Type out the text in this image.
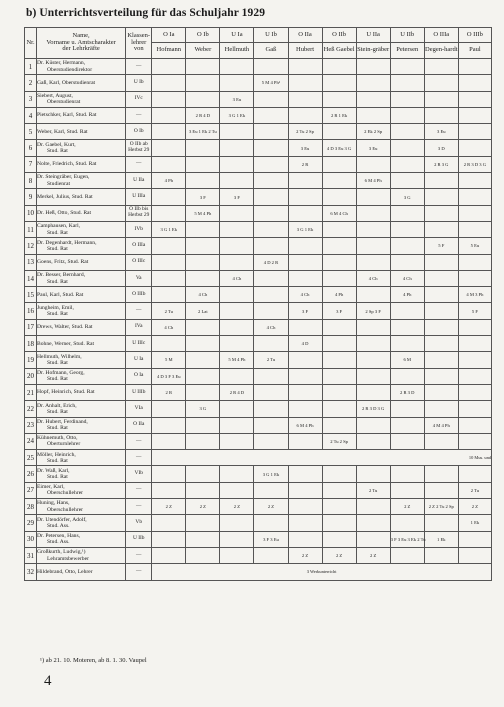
b) Unterrichtsverteilung für das Schuljahr 1929
Nr.	Name,
Vorname u. Amtscharakter
der Lehrkräfte	Klassen-
lehrer
von	O Ia	O Ib	U Ia	U Ib	O IIa	O IIb	U IIa	U IIb	O IIIa	O IIIb
			Hofmann	Weber	Hellmuth	Gaß	Hubert	Heß Gaebel	Stein-gräber	Petersen	Degen-hardt	Paul
1	Dr. Küster, Hermann,
Oberstudiendirektor	—										
2	Gaß, Karl, Oberstudienrat	U Ib				5 M 4 Ph¹						
3	Siebert, August,
Oberstudienrat	IVc			3 Eu							
4	Pietschker, Karl, Stud. Rat	—		2 R 4 D	3 G 1 Ek			2 R 1 Ek				
5	Weber, Karl, Stud. Rat	O Ib		3 Eu 1 Ek 2 Tu			2 Tu 2 Sp		2 Ek 2 Sp		3 Eu	
6	Dr. Gaebel, Kurt,
Stud. Rat	O IIb ab Herbst 29					3 Eu	4 D 3 Eu 3 G	3 Eu		3 D	
7	Nolte, Friedrich, Stud. Rat	—					2 R				2 R 3 G	2 R 3 D 3 G
8	Dr. Steingräber, Eugen,
Studienrat	U IIa	4 Ph						6 M 4 Ph			
9	Merkel, Julius, Stud. Rat	U IIIa		3 F	3 F					3 G		
10	Dr. Heß, Otto, Stud. Rat	O IIb bis Herbst 29		5 M 4 Ph				6 M 4 Ch				
11	Camphausen, Karl,
Stud. Rat	IVb	3 G 1 Ek				3 G 1 Ek					
12	Dr. Degenhardt, Hermann,
Stud. Rat	O IIIa									5 F	5 Eu
13	Goens, Fritz, Stud. Rat	O IIIc				4 D 2 R						
14	Dr. Besser, Bernhard,
Stud. Rat	Va			4 Ch				4 Ch	4 Ch		
15	Paul, Karl, Stud. Rat	O IIIb		4 Ch			4 Ch	4 Ph		4 Ph		4 M 3 Ph
16	Jungheim, Emil,
Stud. Rat	—	2 Tu	2 Lat			3 F	3 F	2 Sp 3 F			5 F
17	Drews, Walter, Stud. Rat	IVa	4 Ch			4 Ch						
18	Bohne, Werner, Stud. Rat	U IIIc					4 D					
19	Hellmuth, Wilhelm,
Stud. Rat	U Ia	5 M		5 M 4 Ph	2 Tu				6 M		
20	Dr. Hofmann, Georg,
Stud. Rat	O Ia	4 D 3 F 3 Eu									
21	Hopf, Heinrich, Stud. Rat	U IIIb	2 R		2 R 4 D					2 R 3 D		
22	Dr. Anhalt, Erich,
Stud. Rat	VIa		3 G					2 R 3 D 3 G			
23	Dr. Hubert, Ferdinand,
Stud. Rat	O IIa					6 M 4 Ph				4 M 4 Ph	
24	Kühnemuth, Otto,
Oberturnlehrer	—						2 Tu 2 Sp				
25	Möller, Heinrich,
Stud. Rat	—	10 Mus. und									
26	Dr. Waß, Karl,
Stud. Rat	VIb				3 G 1 Ek						
27	Eimer, Karl,
Oberschullehrer	—							2 Tu			2 Tu
28	Huning, Hans,
Oberschullehrer	—	2 Z	2 Z	2 Z	2 Z				2 Z	2 Z 2 Tu 2 Sp	2 Z
29	Dr. Utendörfer, Adolf,
Stud. Ass.	Vb										1 Ek
30	Dr. Petersen, Hans,
Stud. Ass.	U IIb				3 F 3 Eu				3 F 3 Eu 3 Ek 2 Tu	1 Ek	
31	Großkurth, Ludwig,¹)
Lehramtsbewerber	—					2 Z	2 Z	2 Z			
32	Hildebrand, Otto, Lehrer	—	3 Werkunterricht									
¹) ab 21. 10. Moteren, ab 8. 1. 30. Vaupel
4
